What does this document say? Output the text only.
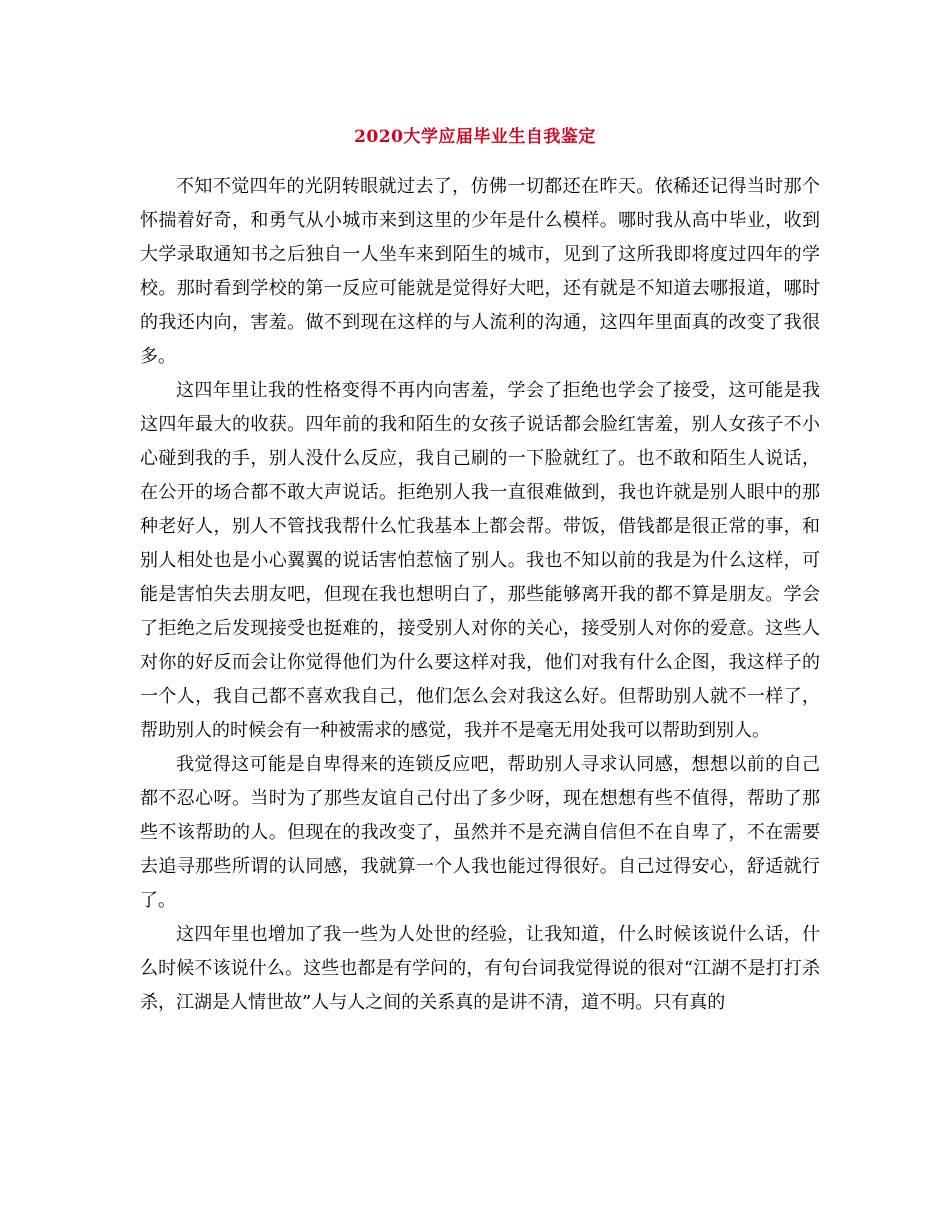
2020大学应届毕业生自我鉴定

不知不觉四年的光阴转眼就过去了，仿佛一切都还在昨天。依稀还记得当时那个怀揣着好奇，和勇气从小城市来到这里的少年是什么模样。哪时我从高中毕业，收到大学录取通知书之后独自一人坐车来到陌生的城市，见到了这所我即将度过四年的学校。那时看到学校的第一反应可能就是觉得好大吧，还有就是不知道去哪报道，哪时的我还内向，害羞。做不到现在这样的与人流利的沟通，这四年里面真的改变了我很多。

这四年里让我的性格变得不再内向害羞，学会了拒绝也学会了接受，这可能是我这四年最大的收获。四年前的我和陌生的女孩子说话都会脸红害羞，别人女孩子不小心碰到我的手，别人没什么反应，我自己刷的一下脸就红了。也不敢和陌生人说话，在公开的场合都不敢大声说话。拒绝别人我一直很难做到，我也许就是别人眼中的那种老好人，别人不管找我帮什么忙我基本上都会帮。带饭，借钱都是很正常的事，和别人相处也是小心翼翼的说话害怕惹恼了别人。我也不知以前的我是为什么这样，可能是害怕失去朋友吧，但现在我也想明白了，那些能够离开我的都不算是朋友。学会了拒绝之后发现接受也挺难的，接受别人对你的关心，接受别人对你的爱意。这些人对你的好反而会让你觉得他们为什么要这样对我，他们对我有什么企图，我这样子的一个人，我自己都不喜欢我自己，他们怎么会对我这么好。但帮助别人就不一样了，帮助别人的时候会有一种被需求的感觉，我并不是毫无用处我可以帮助到别人。

我觉得这可能是自卑得来的连锁反应吧，帮助别人寻求认同感，想想以前的自己都不忍心呀。当时为了那些友谊自己付出了多少呀，现在想想有些不值得，帮助了那些不该帮助的人。但现在的我改变了，虽然并不是充满自信但不在自卑了，不在需要去追寻那些所谓的认同感，我就算一个人我也能过得很好。自己过得安心，舒适就行了。

这四年里也增加了我一些为人处世的经验，让我知道，什么时候该说什么话，什么时候不该说什么。这些也都是有学问的，有句台词我觉得说的很对“江湖不是打打杀杀，江湖是人情世故”人与人之间的关系真的是讲不清，道不明。只有真的
